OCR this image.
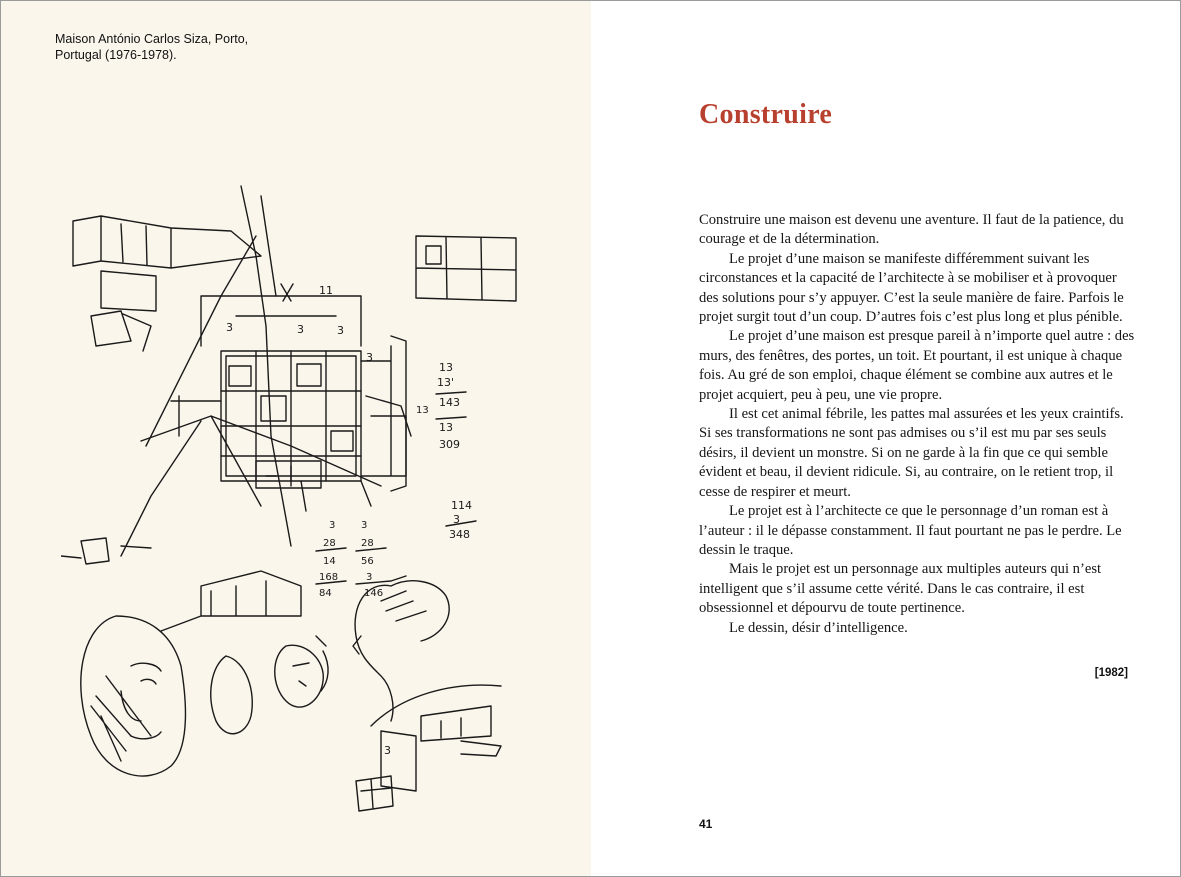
Maison António Carlos Siza, Porto, Portugal (1976-1978).
11
3	3	3
3
13
13
13'
143
13
309
114
3
348
3
28
14
168
84
3
28
56
3
146
3
Construire

Construire une maison est devenu une aventure. Il faut de la patience, du courage et de la détermination.

Le projet d’une maison se manifeste différemment suivant les circonstances et la capacité de l’architecte à se mobiliser et à provoquer des solutions pour s’y appuyer. C’est la seule manière de faire. Parfois le projet surgit tout d’un coup. D’autres fois c’est plus long et plus pénible.

Le projet d’une maison est presque pareil à n’importe quel autre : des murs, des fenêtres, des portes, un toit. Et pourtant, il est unique à chaque fois. Au gré de son emploi, chaque élément se combine aux autres et le projet acquiert, peu à peu, une vie propre.

Il est cet animal fébrile, les pattes mal assurées et les yeux craintifs. Si ses transformations ne sont pas admises ou s’il est mu par ses seuls désirs, il devient un monstre. Si on ne garde à la fin que ce qui semble évident et beau, il devient ridicule. Si, au contraire, on le retient trop, il cesse de respirer et meurt.

Le projet est à l’architecte ce que le personnage d’un roman est à l’auteur : il le dépasse constamment. Il faut pourtant ne pas le perdre. Le dessin le traque.

Mais le projet est un personnage aux multiples auteurs qui n’est intelligent que s’il assume cette vérité. Dans le cas contraire, il est obsessionnel et dépourvu de toute pertinence.

Le dessin, désir d’intelligence.

[1982]
41
